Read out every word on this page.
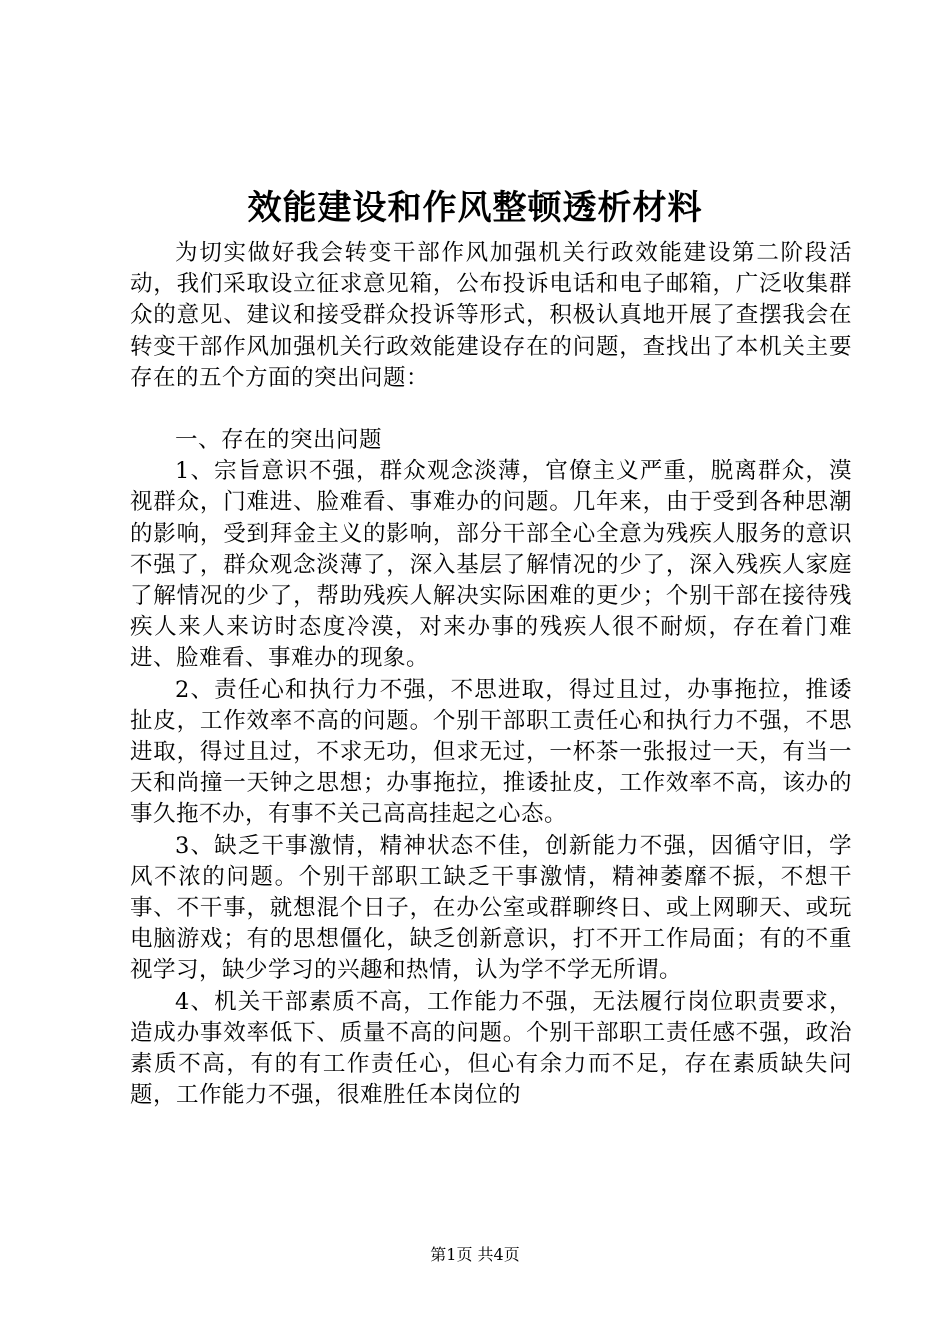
效能建设和作风整顿透析材料

为切实做好我会转变干部作风加强机关行政效能建设第二阶段活动，我们采取设立征求意见箱，公布投诉电话和电子邮箱，广泛收集群众的意见、建议和接受群众投诉等形式，积极认真地开展了查摆我会在转变干部作风加强机关行政效能建设存在的问题，查找出了本机关主要存在的五个方面的突出问题：

一、存在的突出问题

1、宗旨意识不强，群众观念淡薄，官僚主义严重，脱离群众，漠视群众，门难进、脸难看、事难办的问题。几年来，由于受到各种思潮的影响，受到拜金主义的影响，部分干部全心全意为残疾人服务的意识不强了，群众观念淡薄了，深入基层了解情况的少了，深入残疾人家庭了解情况的少了，帮助残疾人解决实际困难的更少；个别干部在接待残疾人来人来访时态度冷漠，对来办事的残疾人很不耐烦，存在着门难进、脸难看、事难办的现象。

2、责任心和执行力不强，不思进取，得过且过，办事拖拉，推诿扯皮，工作效率不高的问题。个别干部职工责任心和执行力不强，不思进取，得过且过，不求无功，但求无过，一杯茶一张报过一天，有当一天和尚撞一天钟之思想；办事拖拉，推诿扯皮，工作效率不高，该办的事久拖不办，有事不关己高高挂起之心态。

3、缺乏干事激情，精神状态不佳，创新能力不强，因循守旧，学风不浓的问题。个别干部职工缺乏干事激情，精神萎靡不振，不想干事、不干事，就想混个日子，在办公室或群聊终日、或上网聊天、或玩电脑游戏；有的思想僵化，缺乏创新意识，打不开工作局面；有的不重视学习，缺少学习的兴趣和热情，认为学不学无所谓。

4、机关干部素质不高，工作能力不强，无法履行岗位职责要求，造成办事效率低下、质量不高的问题。个别干部职工责任感不强，政治素质不高，有的有工作责任心，但心有余力而不足，存在素质缺失问题，工作能力不强，很难胜任本岗位的

第1页 共4页
